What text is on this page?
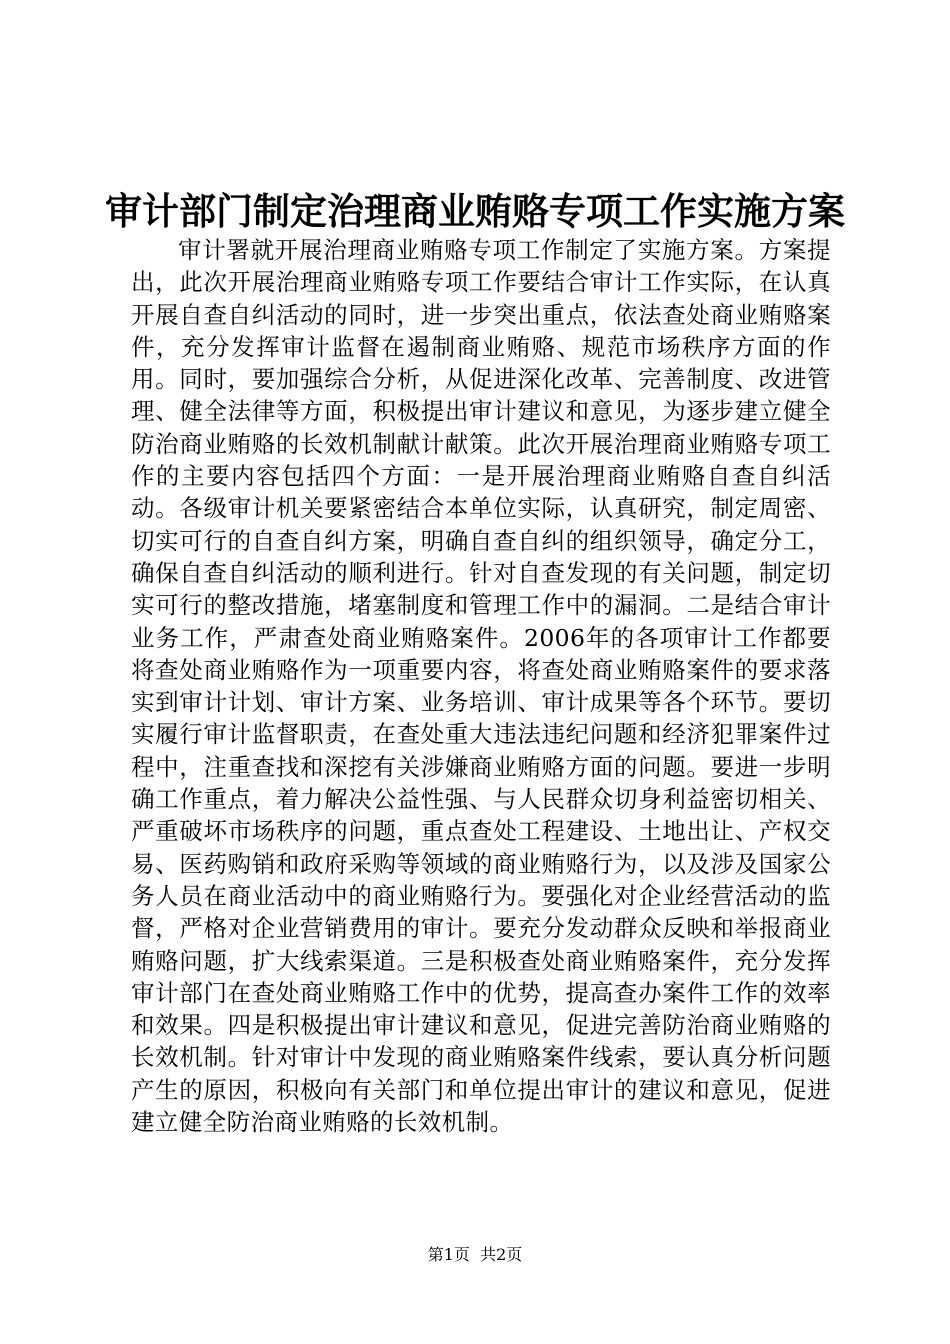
审计部门制定治理商业贿赂专项工作实施方案

审计署就开展治理商业贿赂专项工作制定了实施方案。方案提出，此次开展治理商业贿赂专项工作要结合审计工作实际，在认真开展自查自纠活动的同时，进一步突出重点，依法查处商业贿赂案件，充分发挥审计监督在遏制商业贿赂、规范市场秩序方面的作用。同时，要加强综合分析，从促进深化改革、完善制度、改进管理、健全法律等方面，积极提出审计建议和意见，为逐步建立健全防治商业贿赂的长效机制献计献策。此次开展治理商业贿赂专项工作的主要内容包括四个方面：一是开展治理商业贿赂自查自纠活动。各级审计机关要紧密结合本单位实际，认真研究，制定周密、切实可行的自查自纠方案，明确自查自纠的组织领导，确定分工，确保自查自纠活动的顺利进行。针对自查发现的有关问题，制定切实可行的整改措施，堵塞制度和管理工作中的漏洞。二是结合审计业务工作，严肃查处商业贿赂案件。2006年的各项审计工作都要将查处商业贿赂作为一项重要内容，将查处商业贿赂案件的要求落实到审计计划、审计方案、业务培训、审计成果等各个环节。要切实履行审计监督职责，在查处重大违法违纪问题和经济犯罪案件过程中，注重查找和深挖有关涉嫌商业贿赂方面的问题。要进一步明确工作重点，着力解决公益性强、与人民群众切身利益密切相关、严重破坏市场秩序的问题，重点查处工程建设、土地出让、产权交易、医药购销和政府采购等领域的商业贿赂行为，以及涉及国家公务人员在商业活动中的商业贿赂行为。要强化对企业经营活动的监督，严格对企业营销费用的审计。要充分发动群众反映和举报商业贿赂问题，扩大线索渠道。三是积极查处商业贿赂案件，充分发挥审计部门在查处商业贿赂工作中的优势，提高查办案件工作的效率和效果。四是积极提出审计建议和意见，促进完善防治商业贿赂的长效机制。针对审计中发现的商业贿赂案件线索，要认真分析问题产生的原因，积极向有关部门和单位提出审计的建议和意见，促进建立健全防治商业贿赂的长效机制。

第1页  共2页
